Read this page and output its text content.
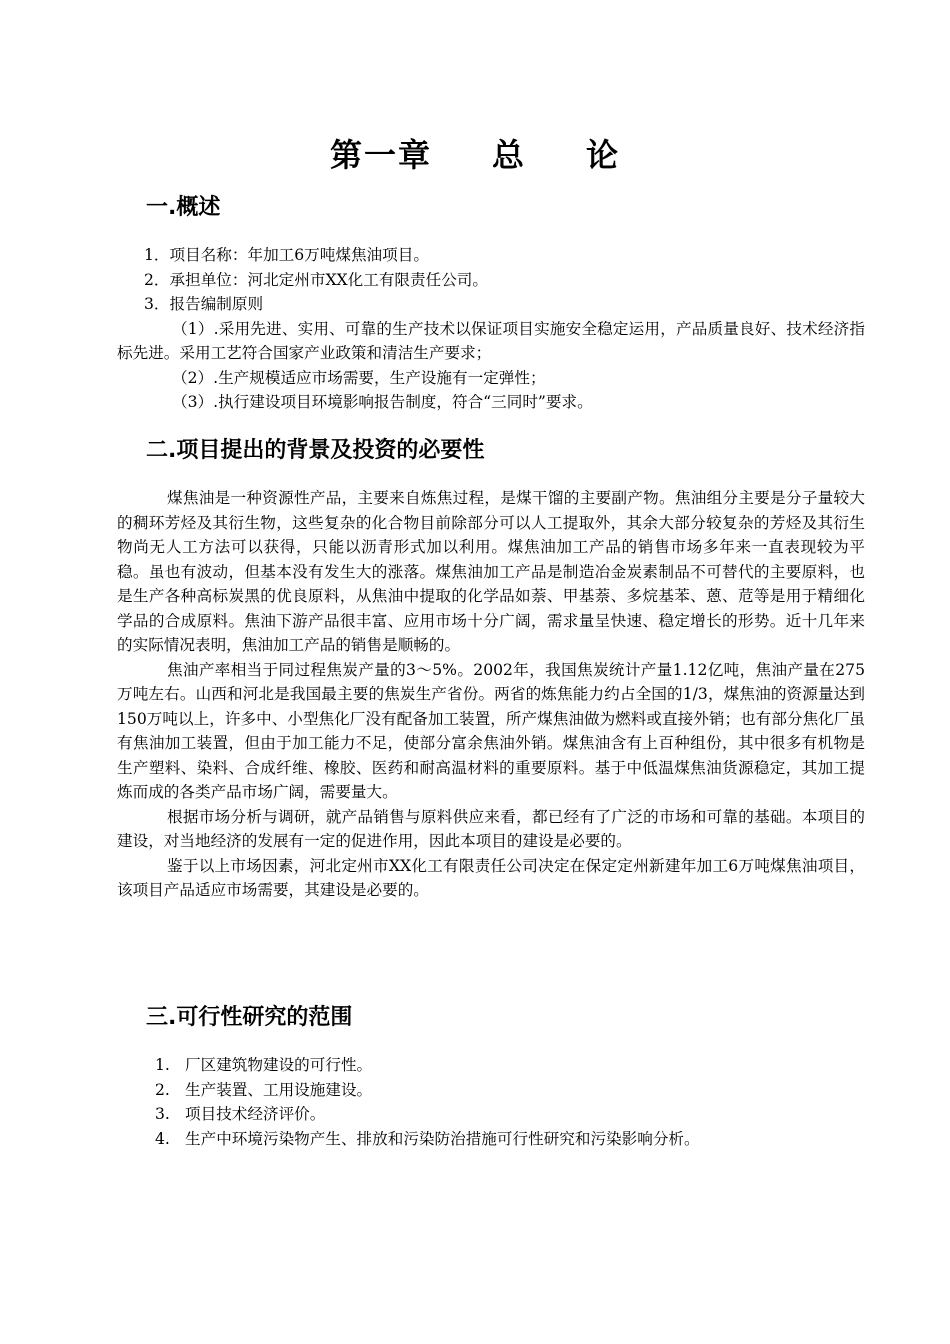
第一章 总 论
一.概述

1．项目名称：年加工6万吨煤焦油项目。

2．承担单位：河北定州市XX化工有限责任公司。

3．报告编制原则

（1）.采用先进、实用、可靠的生产技术以保证项目实施安全稳定运用，产品质量良好、技术经济指标先进。采用工艺符合国家产业政策和清洁生产要求；

（2）.生产规模适应市场需要，生产设施有一定弹性；

（3）.执行建设项目环境影响报告制度，符合“三同时”要求。

二.项目提出的背景及投资的必要性

煤焦油是一种资源性产品，主要来自炼焦过程，是煤干馏的主要副产物。焦油组分主要是分子量较大的稠环芳烃及其衍生物，这些复杂的化合物目前除部分可以人工提取外，其余大部分较复杂的芳烃及其衍生物尚无人工方法可以获得，只能以沥青形式加以利用。煤焦油加工产品的销售市场多年来一直表现较为平稳。虽也有波动，但基本没有发生大的涨落。煤焦油加工产品是制造冶金炭素制品不可替代的主要原料，也是生产各种高标炭黑的优良原料，从焦油中提取的化学品如萘、甲基萘、多烷基苯、蒽、苊等是用于精细化学品的合成原料。焦油下游产品很丰富、应用市场十分广阔，需求量呈快速、稳定增长的形势。近十几年来的实际情况表明，焦油加工产品的销售是顺畅的。

焦油产率相当于同过程焦炭产量的3～5%。2002年，我国焦炭统计产量1.12亿吨，焦油产量在275万吨左右。山西和河北是我国最主要的焦炭生产省份。两省的炼焦能力约占全国的1/3，煤焦油的资源量达到150万吨以上，许多中、小型焦化厂没有配备加工装置，所产煤焦油做为燃料或直接外销；也有部分焦化厂虽有焦油加工装置，但由于加工能力不足，使部分富余焦油外销。煤焦油含有上百种组份，其中很多有机物是生产塑料、染料、合成纤维、橡胶、医药和耐高温材料的重要原料。基于中低温煤焦油货源稳定，其加工提炼而成的各类产品市场广阔，需要量大。

根据市场分析与调研，就产品销售与原料供应来看，都已经有了广泛的市场和可靠的基础。本项目的建设，对当地经济的发展有一定的促进作用，因此本项目的建设是必要的。

鉴于以上市场因素，河北定州市XX化工有限责任公司决定在保定定州新建年加工6万吨煤焦油项目，该项目产品适应市场需要，其建设是必要的。

三.可行性研究的范围

1. 厂区建筑物建设的可行性。

2. 生产装置、工用设施建设。

3. 项目技术经济评价。

4. 生产中环境污染物产生、排放和污染防治措施可行性研究和污染影响分析。
